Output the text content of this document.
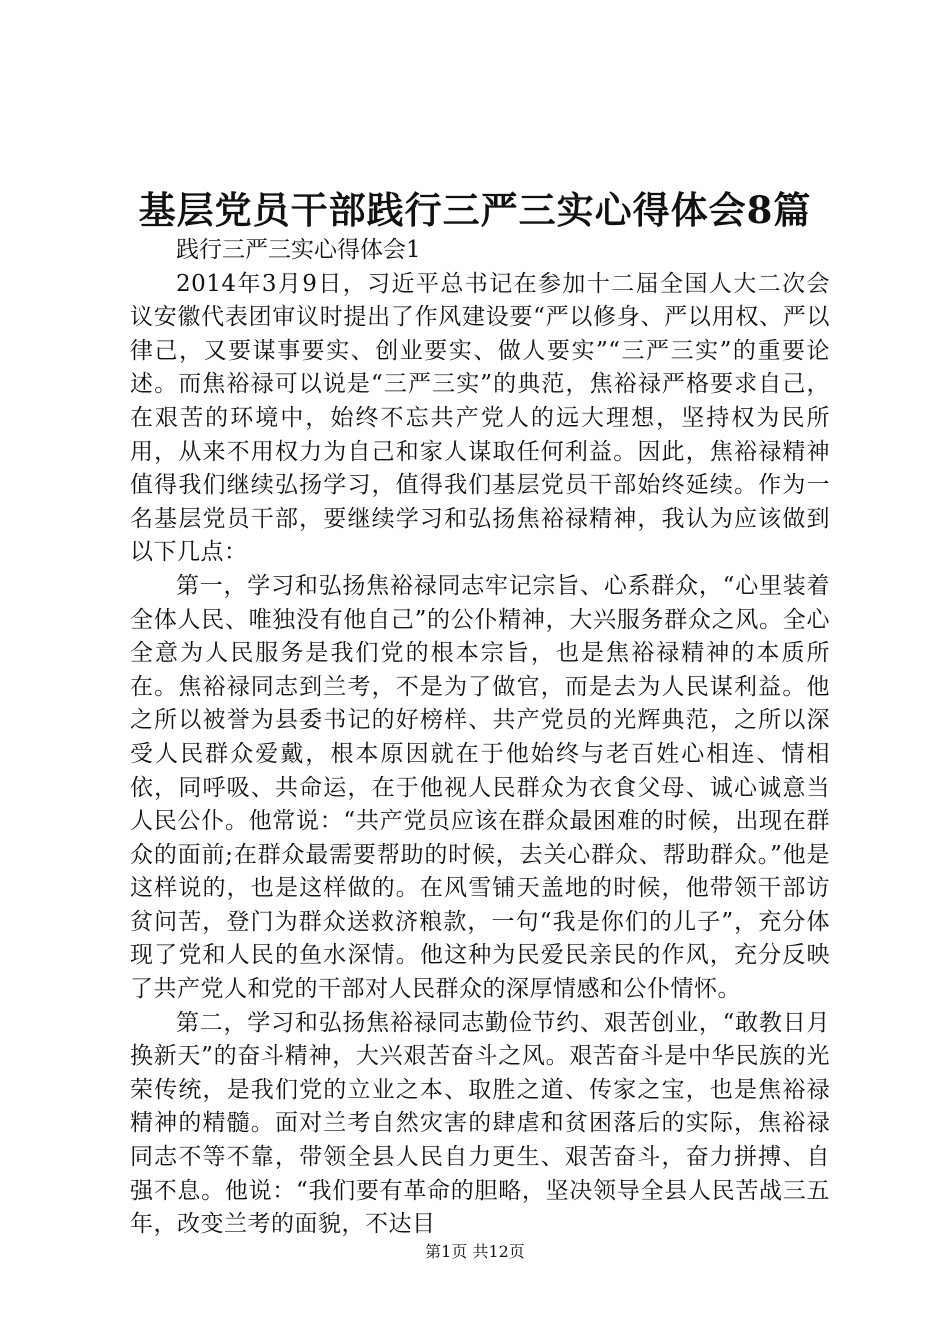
基层党员干部践行三严三实心得体会8篇

践行三严三实心得体会1

2014年3月9日，习近平总书记在参加十二届全国人大二次会议安徽代表团审议时提出了作风建设要“严以修身、严以用权、严以律己，又要谋事要实、创业要实、做人要实”“三严三实”的重要论述。而焦裕禄可以说是“三严三实”的典范，焦裕禄严格要求自己，在艰苦的环境中，始终不忘共产党人的远大理想，坚持权为民所用，从来不用权力为自己和家人谋取任何利益。因此，焦裕禄精神值得我们继续弘扬学习，值得我们基层党员干部始终延续。作为一名基层党员干部，要继续学习和弘扬焦裕禄精神，我认为应该做到以下几点：

第一，学习和弘扬焦裕禄同志牢记宗旨、心系群众，“心里装着全体人民、唯独没有他自己”的公仆精神，大兴服务群众之风。全心全意为人民服务是我们党的根本宗旨，也是焦裕禄精神的本质所在。焦裕禄同志到兰考，不是为了做官，而是去为人民谋利益。他之所以被誉为县委书记的好榜样、共产党员的光辉典范，之所以深受人民群众爱戴，根本原因就在于他始终与老百姓心相连、情相依，同呼吸、共命运，在于他视人民群众为衣食父母、诚心诚意当人民公仆。他常说：“共产党员应该在群众最困难的时候，出现在群众的面前;在群众最需要帮助的时候，去关心群众、帮助群众。”他是这样说的，也是这样做的。在风雪铺天盖地的时候，他带领干部访贫问苦，登门为群众送救济粮款，一句“我是你们的儿子”，充分体现了党和人民的鱼水深情。他这种为民爱民亲民的作风，充分反映了共产党人和党的干部对人民群众的深厚情感和公仆情怀。

第二，学习和弘扬焦裕禄同志勤俭节约、艰苦创业，“敢教日月换新天”的奋斗精神，大兴艰苦奋斗之风。艰苦奋斗是中华民族的光荣传统，是我们党的立业之本、取胜之道、传家之宝，也是焦裕禄精神的精髓。面对兰考自然灾害的肆虐和贫困落后的实际，焦裕禄同志不等不靠，带领全县人民自力更生、艰苦奋斗，奋力拼搏、自强不息。他说：“我们要有革命的胆略，坚决领导全县人民苦战三五年，改变兰考的面貌，不达目

第1页 共12页
